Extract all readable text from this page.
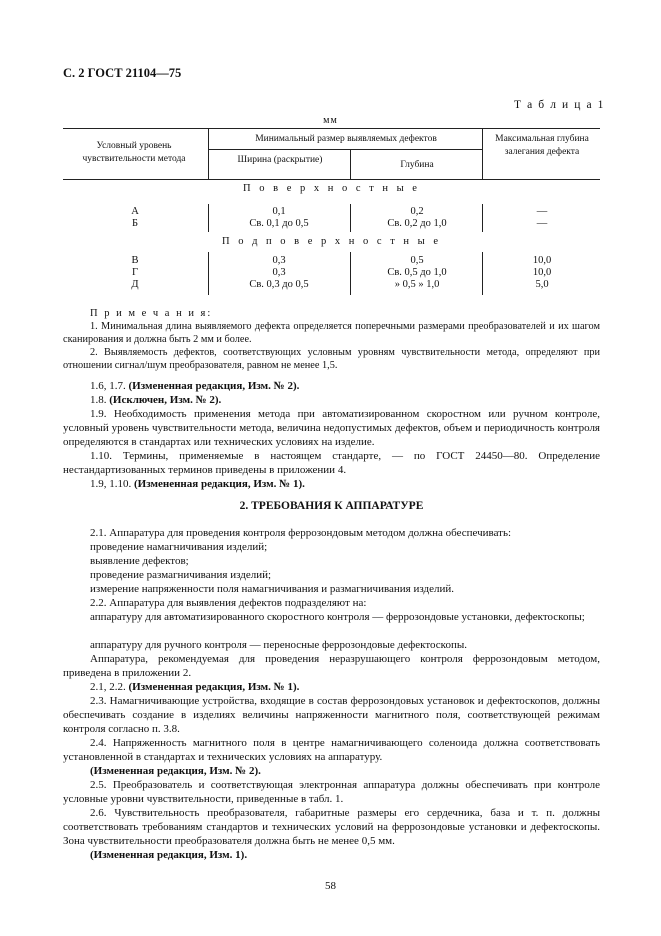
С. 2 ГОСТ 21104—75
Т а б л и ц а 1
мм
Условный уровень чувствительности метода
Минимальный размер выявляемых дефектов
Ширина (раскрытие)	Глубина
Максимальная глубина залегания дефекта
П о в е р х н о с т н ы е
А	0,1	0,2	—
Б	Св. 0,1 до 0,5	Св. 0,2 до 1,0	—
П о д п о в е р х н о с т н ы е
В	0,3	0,5	10,0
Г	0,3	Св. 0,5 до 1,0	10,0
Д	Св. 0,3 до 0,5	» 0,5 » 1,0	5,0
П р и м е ч а н и я:
1. Минимальная длина выявляемого дефекта определяется поперечными размерами преобразователей и их шагом сканирования и должна быть 2 мм и более.
2. Выявляемость дефектов, соответствующих условным уровням чувствительности метода, определяют при отношении сигнал/шум преобразователя, равном не менее 1,5.
1.6, 1.7. (Измененная редакция, Изм. № 2).
1.8. (Исключен, Изм. № 2).
1.9. Необходимость применения метода при автоматизированном скоростном или ручном контроле, условный уровень чувствительности метода, величина недопустимых дефектов, объем и периодичность контроля определяются в стандартах или технических условиях на изделие.
1.10. Термины, применяемые в настоящем стандарте, — по ГОСТ 24450—80. Определение нестандартизованных терминов приведены в приложении 4.
1.9, 1.10. (Измененная редакция, Изм. № 1).
2. ТРЕБОВАНИЯ К АППАРАТУРЕ
2.1. Аппаратура для проведения контроля феррозондовым методом должна обеспечивать:
проведение намагничивания изделий;
выявление дефектов;
проведение размагничивания изделий;
измерение напряженности поля намагничивания и размагничивания изделий.
2.2. Аппаратура для выявления дефектов подразделяют на:
аппаратуру для автоматизированного скоростного контроля — феррозондовые установки, дефектоскопы;
аппаратуру для ручного контроля — переносные феррозондовые дефектоскопы.
Аппаратура, рекомендуемая для проведения неразрушающего контроля феррозондовым методом, приведена в приложении 2.
2.1, 2.2. (Измененная редакция, Изм. № 1).
2.3. Намагничивающие устройства, входящие в состав феррозондовых установок и дефектоскопов, должны обеспечивать создание в изделиях величины напряженности магнитного поля, соответствующей режимам контроля согласно п. 3.8.
2.4. Напряженность магнитного поля в центре намагничивающего соленоида должна соответствовать установленной в стандартах и технических условиях на аппаратуру.
(Измененная редакция, Изм. № 2).
2.5. Преобразователь и соответствующая электронная аппаратура должны обеспечивать при контроле условные уровни чувствительности, приведенные в табл. 1.
2.6. Чувствительность преобразователя, габаритные размеры его сердечника, база и т. п. должны соответствовать требованиям стандартов и технических условий на феррозондовые установки и дефектоскопы. Зона чувствительности преобразователя должна быть не менее 0,5 мм.
(Измененная редакция, Изм. 1).
58
